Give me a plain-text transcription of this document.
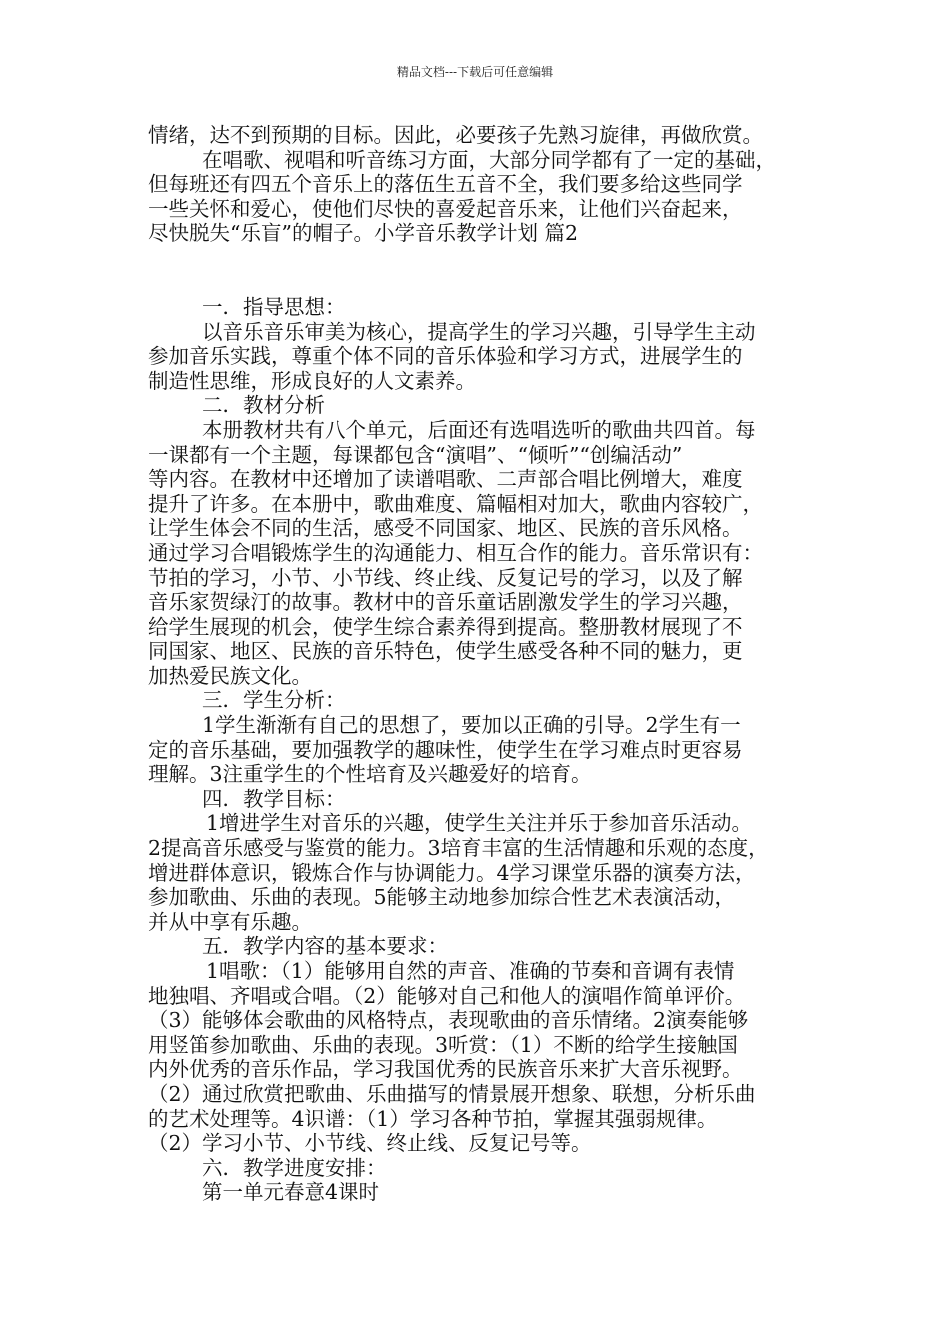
精品文档---下载后可任意编辑
情绪，达不到预期的目标。因此，必要孩子先熟习旋律，再做欣赏。
在唱歌、视唱和听音练习方面，大部分同学都有了一定的基础，
但每班还有四五个音乐上的落伍生五音不全，我们要多给这些同学
一些关怀和爱心，使他们尽快的喜爱起音乐来，让他们兴奋起来，
尽快脱失“乐盲”的帽子。小学音乐教学计划 篇2
一．指导思想：
以音乐音乐审美为核心，提高学生的学习兴趣，引导学生主动
参加音乐实践，尊重个体不同的音乐体验和学习方式，进展学生的
制造性思维，形成良好的人文素养。
二．教材分析
本册教材共有八个单元，后面还有选唱选听的歌曲共四首。每
一课都有一个主题，每课都包含“演唱”、“倾听”“创编活动”
等内容。在教材中还增加了读谱唱歌、二声部合唱比例增大，难度
提升了许多。在本册中，歌曲难度、篇幅相对加大，歌曲内容较广，
让学生体会不同的生活，感受不同国家、地区、民族的音乐风格。
通过学习合唱锻炼学生的沟通能力、相互合作的能力。音乐常识有：
节拍的学习，小节、小节线、终止线、反复记号的学习，以及了解
音乐家贺绿汀的故事。教材中的音乐童话剧激发学生的学习兴趣，
给学生展现的机会，使学生综合素养得到提高。整册教材展现了不
同国家、地区、民族的音乐特色，使学生感受各种不同的魅力，更
加热爱民族文化。
三．学生分析：
1学生渐渐有自己的思想了，要加以正确的引导。2学生有一
定的音乐基础，要加强教学的趣味性，使学生在学习难点时更容易
理解。3注重学生的个性培育及兴趣爱好的培育。
四．教学目标：
1增进学生对音乐的兴趣，使学生关注并乐于参加音乐活动。
2提高音乐感受与鉴赏的能力。3培育丰富的生活情趣和乐观的态度，
增进群体意识，锻炼合作与协调能力。4学习课堂乐器的演奏方法，
参加歌曲、乐曲的表现。5能够主动地参加综合性艺术表演活动，
并从中享有乐趣。
五．教学内容的基本要求：
1唱歌：（1）能够用自然的声音、准确的节奏和音调有表情
地独唱、齐唱或合唱。（2）能够对自己和他人的演唱作简单评价。
（3）能够体会歌曲的风格特点，表现歌曲的音乐情绪。2演奏能够
用竖笛参加歌曲、乐曲的表现。3听赏：（1）不断的给学生接触国
内外优秀的音乐作品，学习我国优秀的民族音乐来扩大音乐视野。
（2）通过欣赏把歌曲、乐曲描写的情景展开想象、联想，分析乐曲
的艺术处理等。4识谱：（1）学习各种节拍，掌握其强弱规律。
（2）学习小节、小节线、终止线、反复记号等。
六．教学进度安排：
第一单元春意4课时
